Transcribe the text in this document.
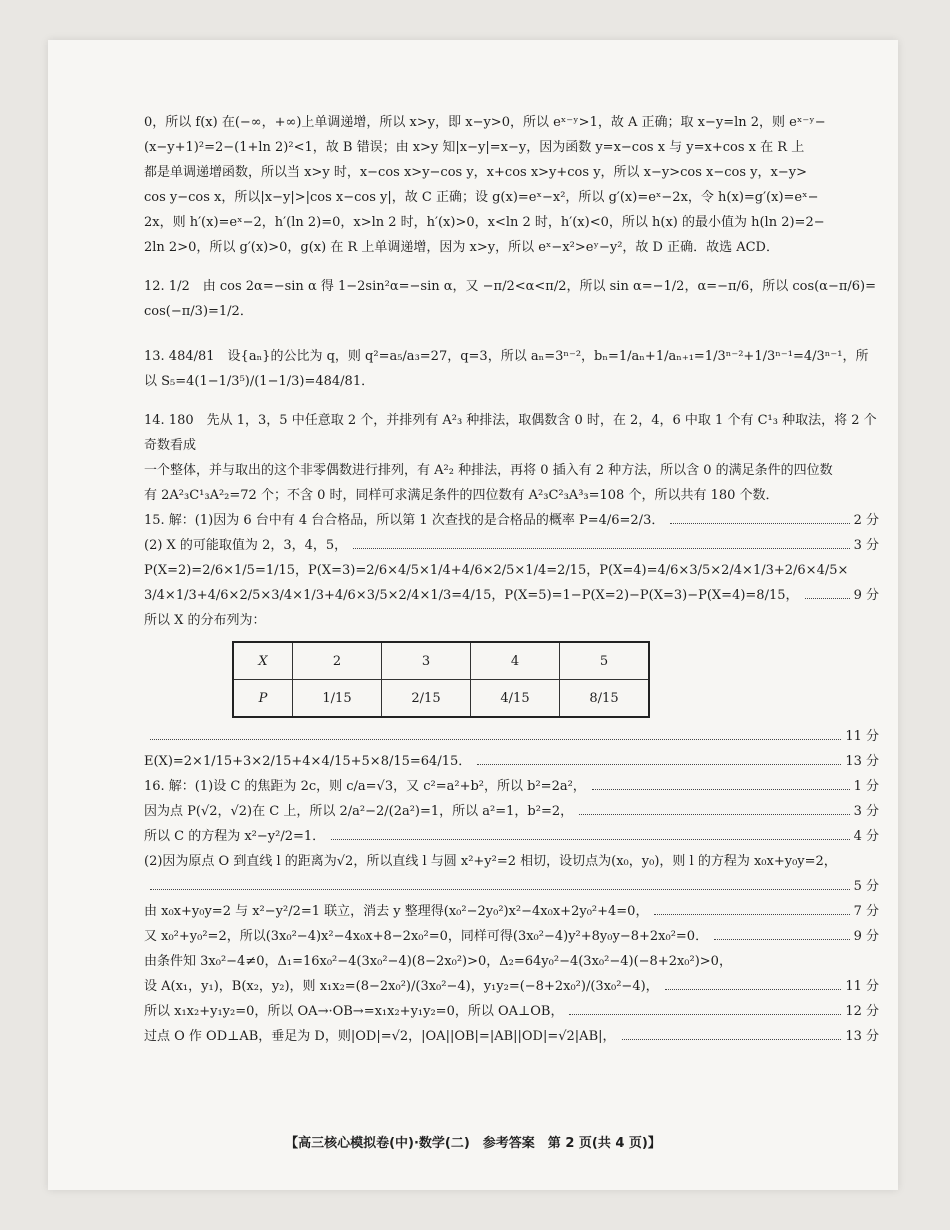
0，所以 f(x) 在(−∞，+∞)上单调递增，所以 x>y，即 x−y>0，所以 eˣ⁻ʸ>1，故 A 正确；取 x−y=ln 2，则 eˣ⁻ʸ−

(x−y+1)²=2−(1+ln 2)²<1，故 B 错误；由 x>y 知|x−y|=x−y，因为函数 y=x−cos x 与 y=x+cos x 在 R 上

都是单调递增函数，所以当 x>y 时，x−cos x>y−cos y，x+cos x>y+cos y，所以 x−y>cos x−cos y，x−y>

cos y−cos x，所以|x−y|>|cos x−cos y|，故 C 正确；设 g(x)=eˣ−x²，所以 g′(x)=eˣ−2x，令 h(x)=g′(x)=eˣ−

2x，则 h′(x)=eˣ−2，h′(ln 2)=0，x>ln 2 时，h′(x)>0，x<ln 2 时，h′(x)<0，所以 h(x) 的最小值为 h(ln 2)=2−

2ln 2>0，所以 g′(x)>0，g(x) 在 R 上单调递增，因为 x>y，所以 eˣ−x²>eʸ−y²，故 D 正确．故选 ACD．

12. 1/2　由 cos 2α=−sin α 得 1−2sin²α=−sin α，又 −π/2<α<π/2，所以 sin α=−1/2，α=−π/6，所以 cos(α−π/6)=

cos(−π/3)=1/2．

13. 484/81　设{aₙ}的公比为 q，则 q²=a₅/a₃=27，q=3，所以 aₙ=3ⁿ⁻²，bₙ=1/aₙ+1/aₙ₊₁=1/3ⁿ⁻²+1/3ⁿ⁻¹=4/3ⁿ⁻¹，所以 S₅=4(1−1/3⁵)/(1−1/3)=484/81．

14. 180　先从 1，3，5 中任意取 2 个，并排列有 A²₃ 种排法，取偶数含 0 时，在 2，4，6 中取 1 个有 C¹₃ 种取法，将 2 个奇数看成

一个整体，并与取出的这个非零偶数进行排列，有 A²₂ 种排法，再将 0 插入有 2 种方法，所以含 0 的满足条件的四位数

有 2A²₃C¹₃A²₂=72 个；不含 0 时，同样可求满足条件的四位数有 A²₃C²₃A³₃=108 个，所以共有 180 个数．

15. 解：(1)因为 6 台中有 4 台合格品，所以第 1 次查找的是合格品的概率 P=4/6=2/3．	2 分
(2) X 的可能取值为 2，3，4，5，	3 分

P(X=2)=2/6×1/5=1/15，P(X=3)=2/6×4/5×1/4+4/6×2/5×1/4=2/15，P(X=4)=4/6×3/5×2/4×1/3+2/6×4/5×

3/4×1/3+4/6×2/5×3/4×1/3+4/6×3/5×2/4×1/3=4/15，P(X=5)=1−P(X=2)−P(X=3)−P(X=4)=8/15，	9 分

所以 X 的分布列为：

X	2	3	4	5
P	1/15	2/15	4/15	8/15
11 分
E(X)=2×1/15+3×2/15+4×4/15+5×8/15=64/15．	13 分
16. 解：(1)设 C 的焦距为 2c，则 c/a=√3，又 c²=a²+b²，所以 b²=2a²，	1 分
因为点 P(√2，√2)在 C 上，所以 2/a²−2/(2a²)=1，所以 a²=1，b²=2，	3 分
所以 C 的方程为 x²−y²/2=1．	4 分

(2)因为原点 O 到直线 l 的距离为√2，所以直线 l 与圆 x²+y²=2 相切，设切点为(x₀，y₀)，则 l 的方程为 x₀x+y₀y=2，

5 分
由 x₀x+y₀y=2 与 x²−y²/2=1 联立，消去 y 整理得(x₀²−2y₀²)x²−4x₀x+2y₀²+4=0，	7 分
又 x₀²+y₀²=2，所以(3x₀²−4)x²−4x₀x+8−2x₀²=0，同样可得(3x₀²−4)y²+8y₀y−8+2x₀²=0．	9 分

由条件知 3x₀²−4≠0，Δ₁=16x₀²−4(3x₀²−4)(8−2x₀²)>0，Δ₂=64y₀²−4(3x₀²−4)(−8+2x₀²)>0，

设 A(x₁，y₁)，B(x₂，y₂)，则 x₁x₂=(8−2x₀²)/(3x₀²−4)，y₁y₂=(−8+2x₀²)/(3x₀²−4)，	11 分
所以 x₁x₂+y₁y₂=0，所以 OA→·OB→=x₁x₂+y₁y₂=0，所以 OA⊥OB，	12 分
过点 O 作 OD⊥AB，垂足为 D，则|OD|=√2，|OA||OB|=|AB||OD|=√2|AB|，	13 分
【高三核心模拟卷(中)·数学(二)　参考答案　第 2 页(共 4 页)】
